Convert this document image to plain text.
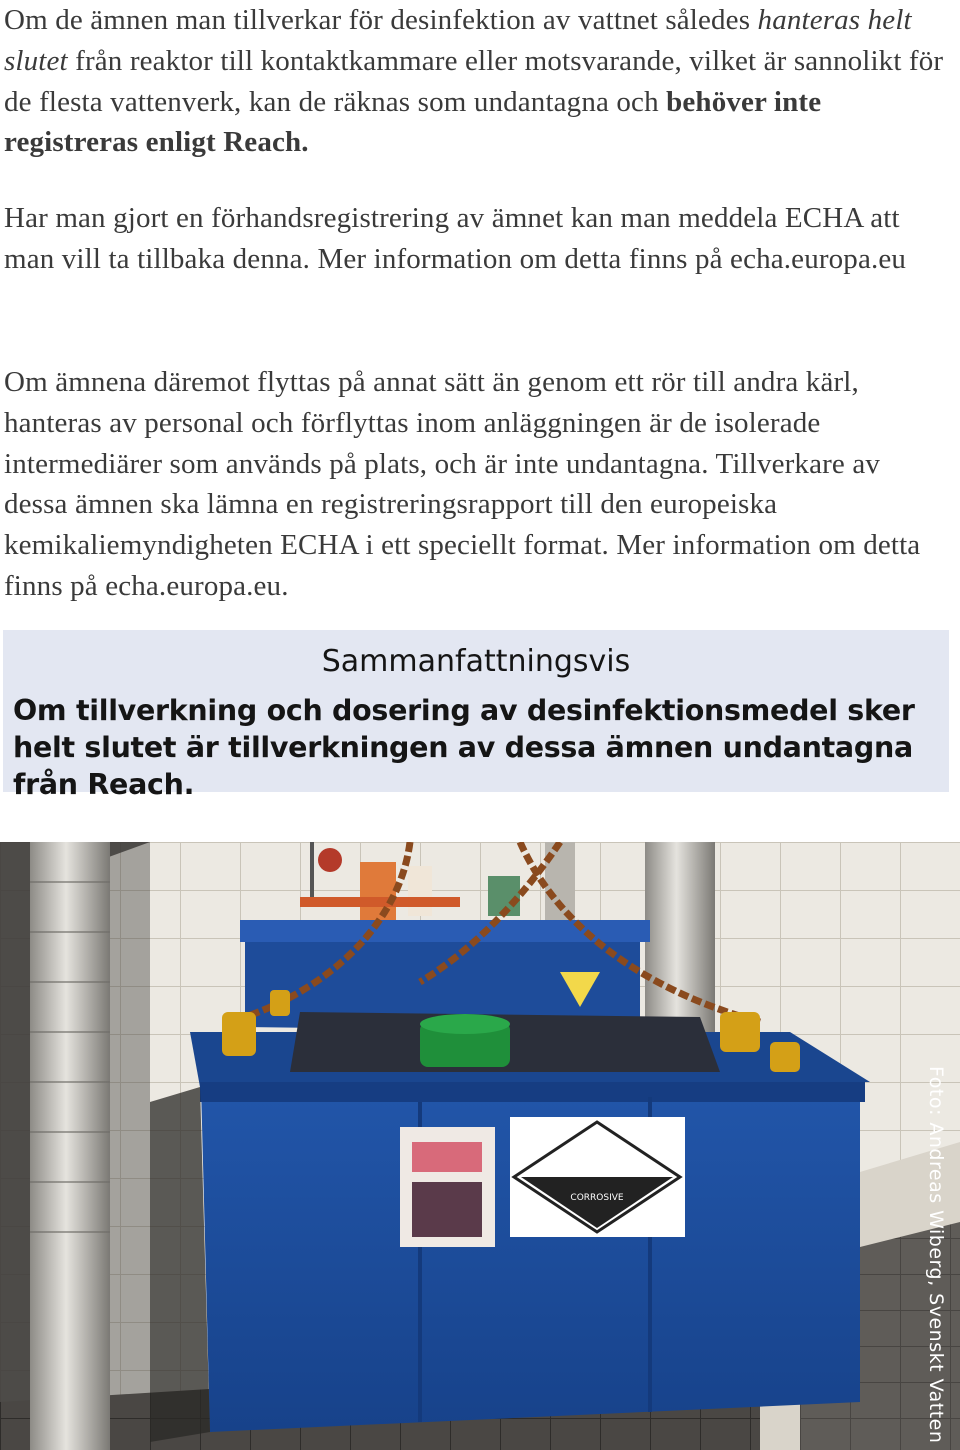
Om de ämnen man tillverkar för desinfektion av vattnet således hanteras helt slutet från reaktor till kontaktkammare eller motsvarande, vilket är sannolikt för de flesta vattenverk, kan de räknas som undantagna och behöver inte registreras enligt Reach.

Har man gjort en förhandsregistrering av ämnet kan man meddela ECHA att man vill ta tillbaka denna. Mer information om detta finns på echa.europa.eu

Om ämnena däremot flyttas på annat sätt än genom ett rör till andra kärl, hanteras av personal och förflyttas inom anläggningen är de isolerade intermediärer som används på plats, och är inte undantagna. Tillverkare av dessa ämnen ska lämna en registreringsrapport till den europeiska kemikaliemyndigheten ECHA i ett speciellt format. Mer information om detta finns på echa.europa.eu.

Sammanfattningsvis

Om tillverkning och dosering av desinfektionsmedel sker helt slutet är tillverkningen av dessa ämnen undantagna från Reach.

CORROSIVE	Foto: Andreas Wiberg, Svenskt Vatten
